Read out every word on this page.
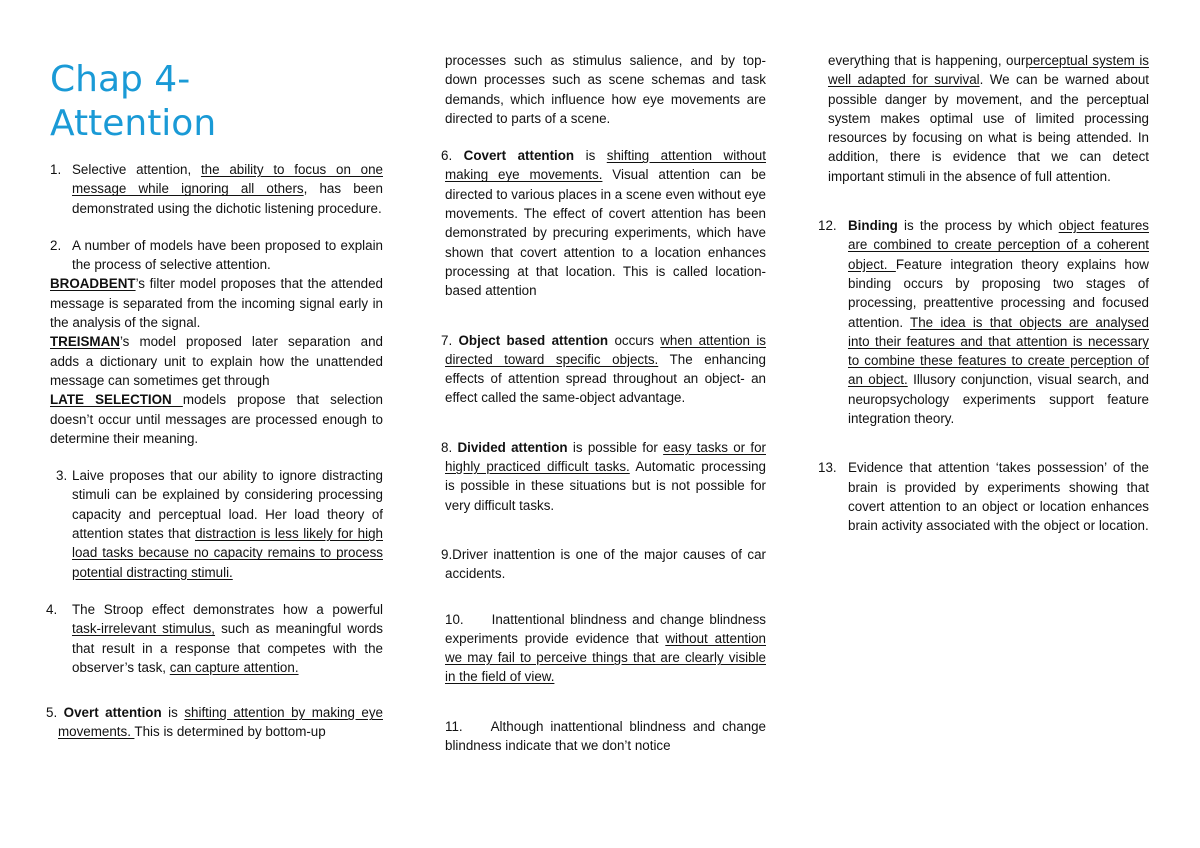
Chap 4-
Attention

1. Selective attention, the ability to focus on one message while ignoring all others, has been demonstrated using the dichotic listening procedure.

2. A number of models have been proposed to explain the process of selective attention.

BROADBENT’s filter model proposes that the attended message is separated from the incoming signal early in the analysis of the signal.

TREISMAN’s model proposed later separation and adds a dictionary unit to explain how the unattended message can sometimes get through

LATE SELECTION models propose that selection doesn’t occur until messages are processed enough to determine their meaning.

3. Laive proposes that our ability to ignore distracting stimuli can be explained by considering processing capacity and perceptual load. Her load theory of attention states that distraction is less likely for high load tasks because no capacity remains to process potential distracting stimuli.

4. The Stroop effect demonstrates how a powerful task-irrelevant stimulus, such as meaningful words that result in a response that competes with the observer’s task, can capture attention.

5. Overt attention is shifting attention by making eye movements. This is determined by bottom-up

processes such as stimulus salience, and by top-down processes such as scene schemas and task demands, which influence how eye movements are directed to parts of a scene.

6. Covert attention is shifting attention without making eye movements. Visual attention can be directed to various places in a scene even without eye movements. The effect of covert attention has been demonstrated by precuring experiments, which have shown that covert attention to a location enhances processing at that location. This is called location-based attention

7. Object based attention occurs when attention is directed toward specific objects. The enhancing effects of attention spread throughout an object- an effect called the same-object advantage.

8. Divided attention is possible for easy tasks or for highly practiced difficult tasks. Automatic processing is possible in these situations but is not possible for very difficult tasks.

9.Driver inattention is one of the major causes of car accidents.

10. Inattentional blindness and change blindness experiments provide evidence that without attention we may fail to perceive things that are clearly visible in the field of view.

11. Although inattentional blindness and change blindness indicate that we don’t notice

everything that is happening, ourperceptual system is well adapted for survival. We can be warned about possible danger by movement, and the perceptual system makes optimal use of limited processing resources by focusing on what is being attended. In addition, there is evidence that we can detect important stimuli in the absence of full attention.

12. Binding is the process by which object features are combined to create perception of a coherent object. Feature integration theory explains how binding occurs by proposing two stages of processing, preattentive processing and focused attention. The idea is that objects are analysed into their features and that attention is necessary to combine these features to create perception of an object. Illusory conjunction, visual search, and neuropsychology experiments support feature integration theory.

13. Evidence that attention ‘takes possession’ of the brain is provided by experiments showing that covert attention to an object or location enhances brain activity associated with the object or location.
